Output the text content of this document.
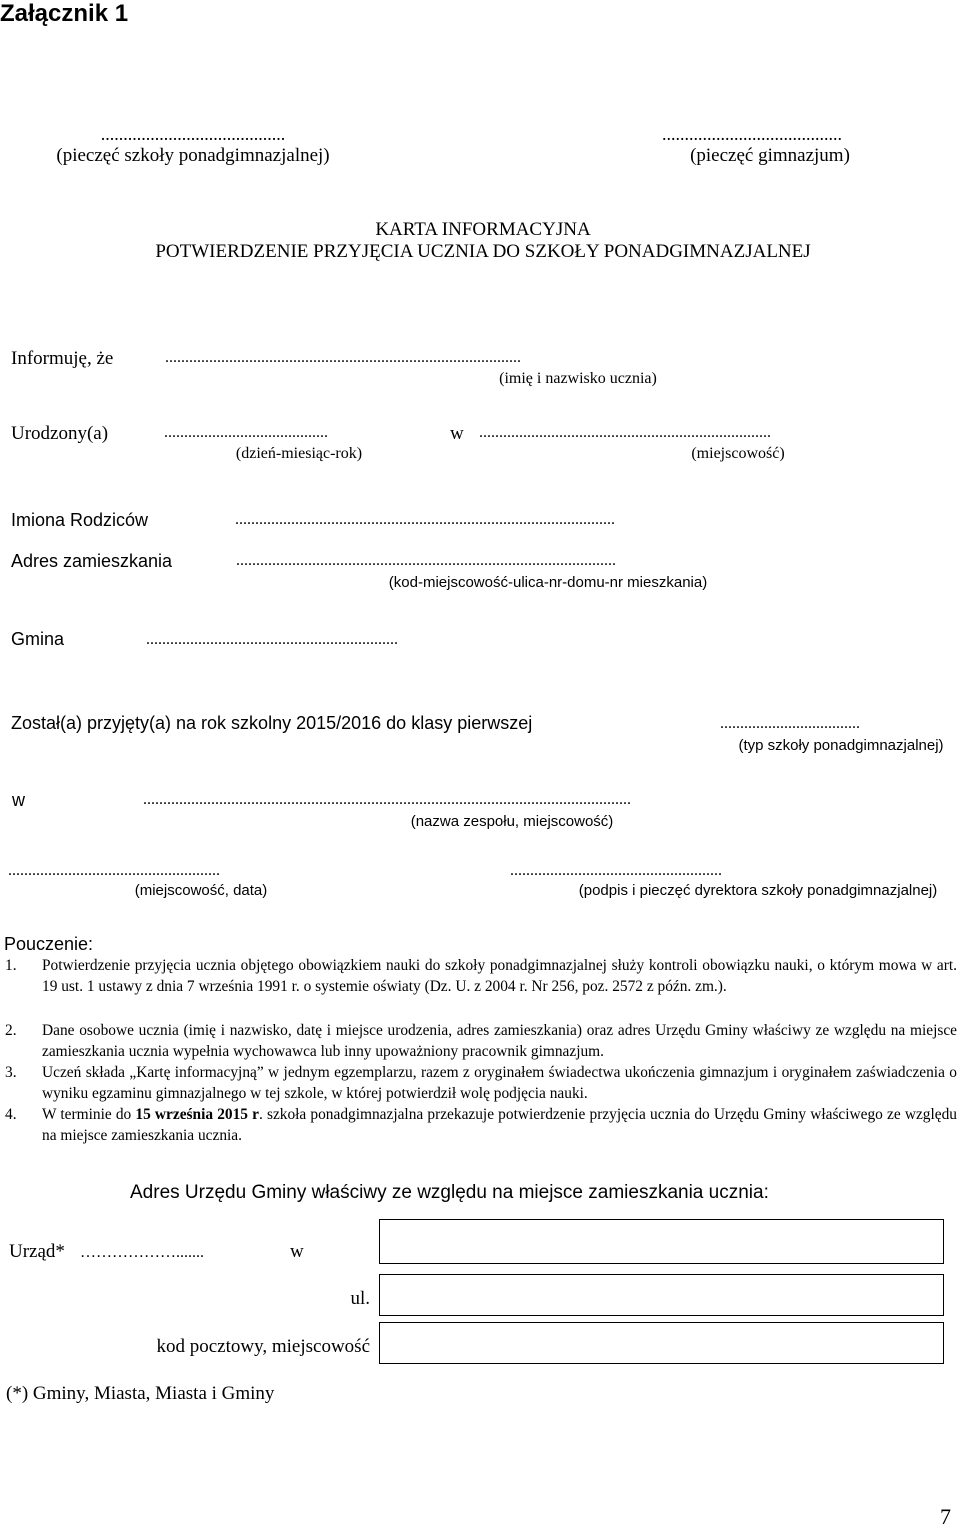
Załącznik 1
.........................................
(pieczęć szkoły ponadgimnazjalnej)
........................................
(pieczęć gimnazjum)
KARTA INFORMACYJNA
POTWIERDZENIE PRZYJĘCIA UCZNIA DO SZKOŁY PONADGIMNAZJALNEJ
Informuję, że	.........................................................................................
(imię i nazwisko ucznia)
Urodzony(a)	.........................................
(dzień-miesiąc-rok)
w .........................................................................
(miejscowość)
Imiona Rodziców	...............................................................................................
Adres zamieszkania	...............................................................................................
(kod-miejscowość-ulica-nr-domu-nr mieszkania)
Gmina	...............................................................
Został(a) przyjęty(a) na rok szkolny 2015/2016 do klasy pierwszej	...................................
(typ szkoły ponadgimnazjalnej)
w	..........................................................................................................................
(nazwa zespołu, miejscowość)
.....................................................
(miejscowość, data)
.....................................................
(podpis i pieczęć dyrektora szkoły ponadgimnazjalnej)
Pouczenie:
1. Potwierdzenie przyjęcia ucznia objętego obowiązkiem nauki do szkoły ponadgimnazjalnej służy kontroli obowiązku nauki, o którym mowa w art. 19 ust. 1 ustawy z dnia 7 września 1991 r. o systemie oświaty (Dz. U. z 2004 r. Nr 256, poz. 2572 z późn. zm.).
2. Dane osobowe ucznia (imię i nazwisko, datę i miejsce urodzenia, adres zamieszkania) oraz adres Urzędu Gminy właściwy ze względu na miejsce zamieszkania ucznia wypełnia wychowawca lub inny upoważniony pracownik gimnazjum.
3. Uczeń składa „Kartę informacyjną” w jednym egzemplarzu, razem z oryginałem świadectwa ukończenia gimnazjum i oryginałem zaświadczenia o wyniku egzaminu gimnazjalnego w tej szkole, w której potwierdził wolę podjęcia nauki.
4. W terminie do 15 września 2015 r. szkoła ponadgimnazjalna przekazuje potwierdzenie przyjęcia ucznia do Urzędu Gminy właściwego ze względu na miejsce zamieszkania ucznia.
Adres Urzędu Gminy właściwy ze względu na miejsce zamieszkania ucznia:
Urząd* ……………….......	w
ul.
kod pocztowy, miejscowość
(*) Gminy, Miasta, Miasta i Gminy
7
